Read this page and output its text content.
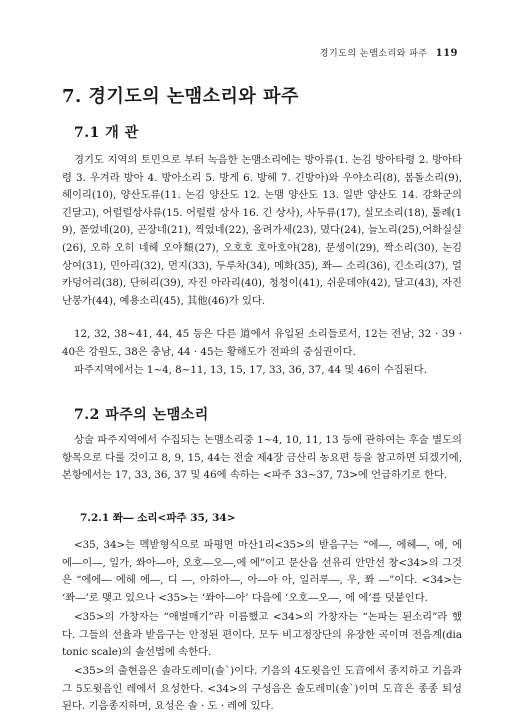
경기도의 논맴소리와 파주 119
7. 경기도의 논맴소리와 파주
7.1 개 관
경기도 지역의 토민으로 부터 녹음한 논맴소리에는 방아류(1. 논김 방아타령 2. 방아타령 3. 우겨라 방아 4. 방아소리 5. 방게 6. 방헤 7. 긴방아)와 우야소리(8), 몸돌소리(9), 헤이리(10), 양산도류(11. 논김 양산도 12. 논맴 양산도 13. 일반 양산도 14. 강화군의 긴달고), 어럴럴상사류(15. 어럴럴 상사 16. 긴 상사), 사두류(17), 실모소리(18), 툴례(19), 꼴었네(20), 곤장네(21), 찍었네(22), 올려가세(23), 몄다(24), 늘노리(25),어화실실(26), 오하 오히 네헤 오야頹(27), 오호호 호아호야(28), 문셍이(29), 짝소리(30), 논김상여(31), 민아리(32), 먼지(33), 두루차(34), 메화(35), 쫘― 소리(36), 긴소리(37), 얼카덩어리(38), 단허리(39), 자진 아라리(40), 청청이(41), 쉬운데야(42), 달고(43), 자진난봉가(44), 예용소리(45), 其他(46)가 있다.
12, 32, 38∼41, 44, 45 등은 다른 道에서 유입된 소리들로서, 12는 전남, 32 · 39 · 40은 강원도, 38은 충남, 44 · 45는 황해도가 전파의 중심권이다.
파주지역에서는 1∼4, 8∼11, 13, 15, 17, 33, 36, 37, 44 및 46이 수집된다.
7.2 파주의 논맴소리
상술 파주지역에서 수집되는 논맴소리중 1∼4, 10, 11, 13 등에 관하여는 후술 별도의 항목으로 다룰 것이고 8, 9, 15, 44는 전술 제4장 금산리 농요편 등을 참고하면 되겠기에, 본항에서는 17, 33, 36, 37 및 46에 속하는 <파주 33∼37, 73>에 언급하기로 한다.
7.2.1 쫘― 소리<파주 35, 34>
<35, 34>는 멕받형식으로 파평면 마산1리<35>의 받음구는 “에―, 에헤―, 에, 에 에―이―, 일가, 쏴아―아, 오호―오―,에 에”이고 문산읍 선유리 안만선 창<34>의 그것은 “에에― 에헤 에―, 디 ―, 아하아―, 아―아 아, 일러루―, 우, 쫘 ―”이다. <34>는 ‘쫘―’로 맺고 있으나 <35>는 ‘쏴아―아’ 다음에 ‘오호―오―, 에 에’를 덧붙인다.
<35>의 가창자는 “애벌매기”라 이름했고 <34>의 가창자는 “논파는 된소리”라 했다. 그들의 선율과 받음구는 안정된 편이다. 모두 비고정장단의 유장한 곡이며 전음계(diatonic scale)의 솔선법에 속한다.
<35>의 출현음은 솔라도레미(솔`)이다. 기음의 4도윗음인 도音에서 종지하고 기음과 그 5도윗음인 레에서 요성한다. <34>의 구성음은 솔도레미(솔`)이며 도音은 종종 퇴성된다. 기음종지하며, 요성은 솔 · 도 · 레에 있다.
